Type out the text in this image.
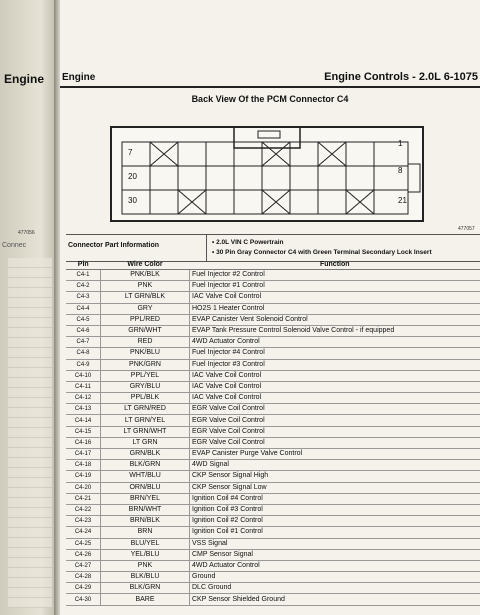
Engine
477056
Connec
Engine	Engine Controls - 2.0L 6-1075
Back View Of the PCM Connector C4
7
20
30
1
8
21
477057
Connector Part Information	• 2.0L VIN C Powertrain
• 30 Pin Gray Connector C4 with Green Terminal Secondary Lock Insert
Pin	Wire Color	Function
C4-1	PNK/BLK	Fuel Injector #2 Control
C4-2	PNK	Fuel Injector #1 Control
C4-3	LT GRN/BLK	IAC Valve Coil Control
C4-4	GRY	HO2S 1 Heater Control
C4-5	PPL/RED	EVAP Canister Vent Solenoid Control
C4-6	GRN/WHT	EVAP Tank Pressure Control Solenoid Valve Control - if equipped
C4-7	RED	4WD Actuator Control
C4-8	PNK/BLU	Fuel Injector #4 Control
C4-9	PNK/GRN	Fuel Injector #3 Control
C4-10	PPL/YEL	IAC Valve Coil Control
C4-11	GRY/BLU	IAC Valve Coil Control
C4-12	PPL/BLK	IAC Valve Coil Control
C4-13	LT GRN/RED	EGR Valve Coil Control
C4-14	LT GRN/YEL	EGR Valve Coil Control
C4-15	LT GRN/WHT	EGR Valve Coil Control
C4-16	LT GRN	EGR Valve Coil Control
C4-17	GRN/BLK	EVAP Canister Purge Valve Control
C4-18	BLK/GRN	4WD Signal
C4-19	WHT/BLU	CKP Sensor Signal High
C4-20	ORN/BLU	CKP Sensor Signal Low
C4-21	BRN/YEL	Ignition Coil #4 Control
C4-22	BRN/WHT	Ignition Coil #3 Control
C4-23	BRN/BLK	Ignition Coil #2 Control
C4-24	BRN	Ignition Coil #1 Control
C4-25	BLU/YEL	VSS Signal
C4-26	YEL/BLU	CMP Sensor Signal
C4-27	PNK	4WD Actuator Control
C4-28	BLK/BLU	Ground
C4-29	BLK/GRN	DLC Ground
C4-30	BARE	CKP Sensor Shielded Ground
